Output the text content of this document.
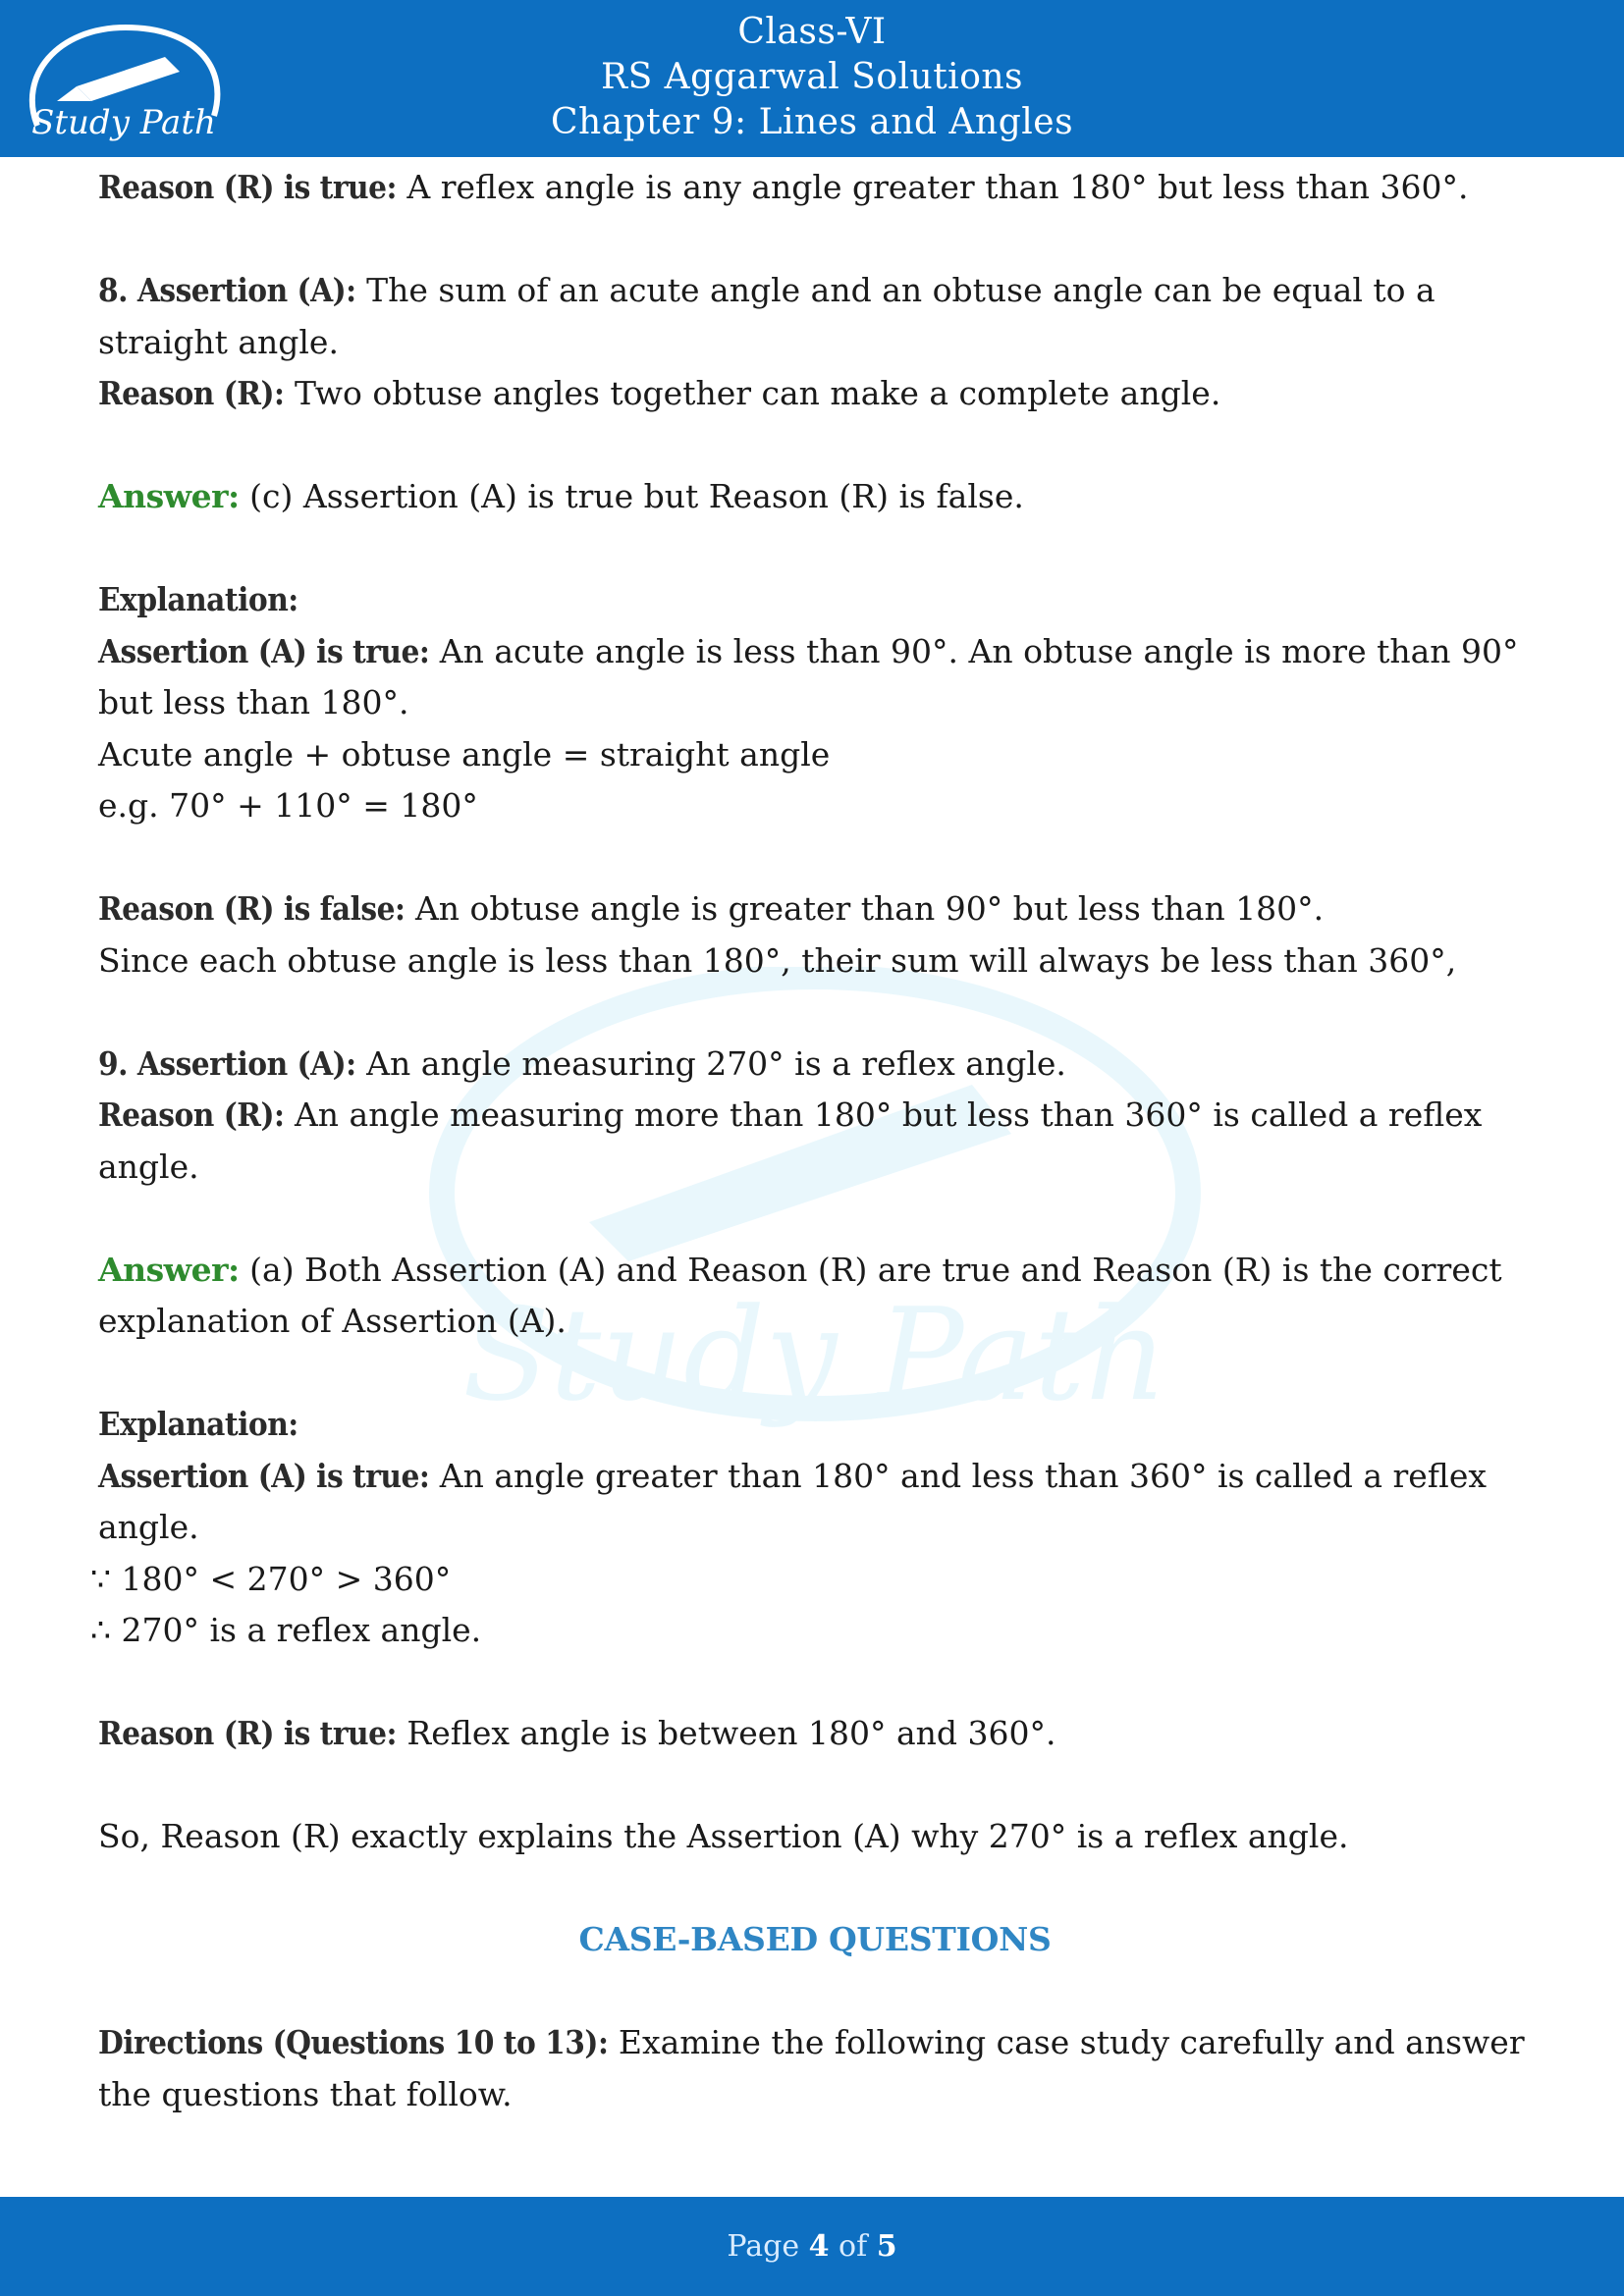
Study Path
Class-VI
RS Aggarwal Solutions
Chapter 9: Lines and Angles
Study Path

Reason (R) is true: A reflex angle is any angle greater than 180° but less than 360°.

8. Assertion (A): The sum of an acute angle and an obtuse angle can be equal to a straight angle.

Reason (R): Two obtuse angles together can make a complete angle.

Answer: (c) Assertion (A) is true but Reason (R) is false.

Explanation:

Assertion (A) is true: An acute angle is less than 90°. An obtuse angle is more than 90° but less than 180°.

Acute angle + obtuse angle = straight angle

e.g. 70° + 110° = 180°

Reason (R) is false: An obtuse angle is greater than 90° but less than 180°.

Since each obtuse angle is less than 180°, their sum will always be less than 360°,

9. Assertion (A): An angle measuring 270° is a reflex angle.

Reason (R): An angle measuring more than 180° but less than 360° is called a reflex angle.

Answer: (a) Both Assertion (A) and Reason (R) are true and Reason (R) is the correct explanation of Assertion (A).

Explanation:

Assertion (A) is true: An angle greater than 180° and less than 360° is called a reflex angle.

∵ 180° < 270° > 360°

∴ 270° is a reflex angle.

Reason (R) is true: Reflex angle is between 180° and 360°.

So, Reason (R) exactly explains the Assertion (A) why 270° is a reflex angle.

CASE-BASED QUESTIONS

Directions (Questions 10 to 13): Examine the following case study carefully and answer the questions that follow.

Page 4 of 5
